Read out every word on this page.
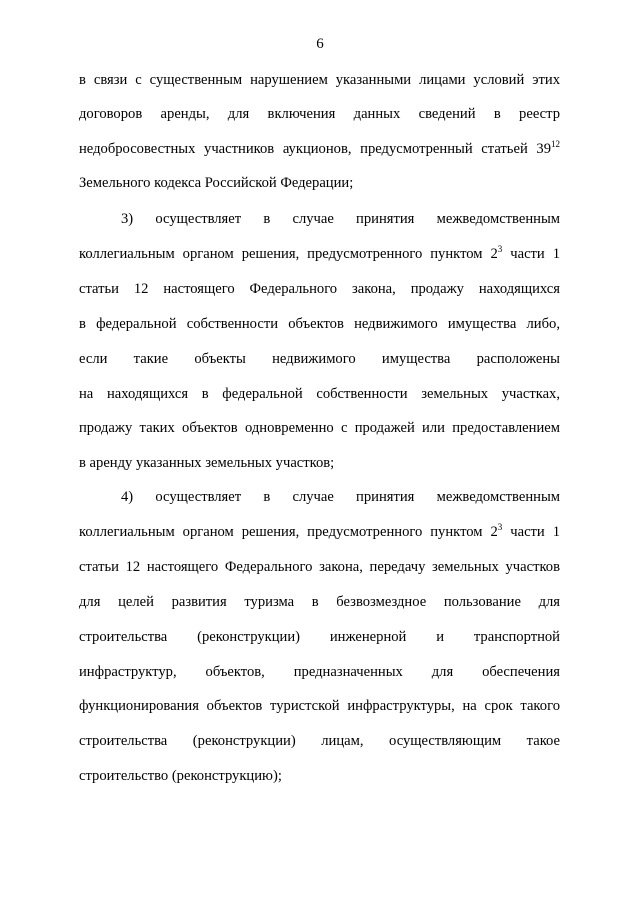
6
в связи с существенным нарушением указанными лицами условий этих
договоров аренды, для включения данных сведений в реестр
недобросовестных участников аукционов, предусмотренный статьей $39^{12}$
Земельного кодекса Российской Федерации;
3) осуществляет в случае принятия межведомственным
коллегиальным органом решения, предусмотренного пунктом $2^3$ части 1
статьи 12 настоящего Федерального закона, продажу находящихся
в федеральной собственности объектов недвижимого имущества либо,
если такие объекты недвижимого имущества расположены
на находящихся в федеральной собственности земельных участках,
продажу таких объектов одновременно с продажей или предоставлением
в аренду указанных земельных участков;
4) осуществляет в случае принятия межведомственным
коллегиальным органом решения, предусмотренного пунктом $2^3$ части 1
статьи 12 настоящего Федерального закона, передачу земельных участков
для целей развития туризма в безвозмездное пользование для
строительства (реконструкции) инженерной и транспортной
инфраструктур, объектов, предназначенных для обеспечения
функционирования объектов туристской инфраструктуры, на срок такого
строительства (реконструкции) лицам, осуществляющим такое
строительство (реконструкцию);
